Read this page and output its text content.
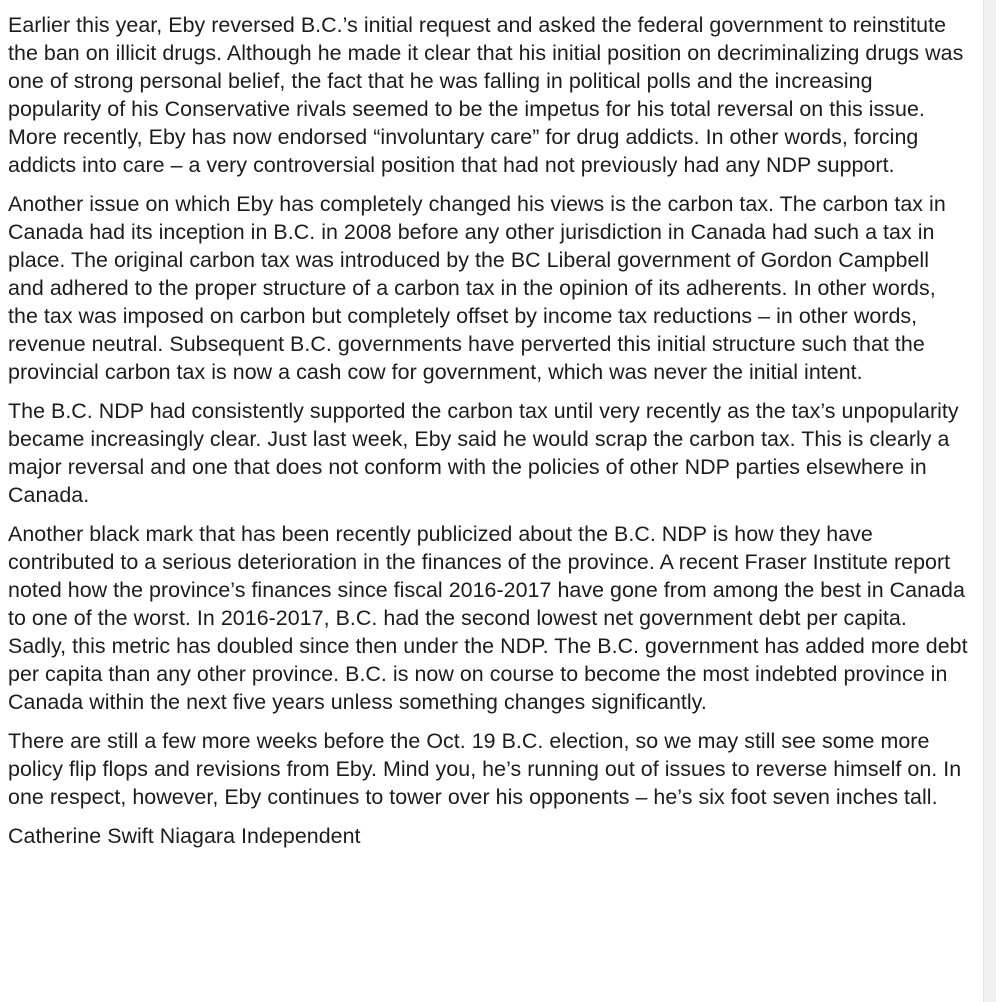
Earlier this year, Eby reversed B.C.’s initial request and asked the federal government to reinstitute the ban on illicit drugs. Although he made it clear that his initial position on decriminalizing drugs was one of strong personal belief, the fact that he was falling in political polls and the increasing popularity of his Conservative rivals seemed to be the impetus for his total reversal on this issue. More recently, Eby has now endorsed “involuntary care” for drug addicts. In other words, forcing addicts into care – a very controversial position that had not previously had any NDP support.

Another issue on which Eby has completely changed his views is the carbon tax. The carbon tax in Canada had its inception in B.C. in 2008 before any other jurisdiction in Canada had such a tax in place. The original carbon tax was introduced by the BC Liberal government of Gordon Campbell and adhered to the proper structure of a carbon tax in the opinion of its adherents. In other words, the tax was imposed on carbon but completely offset by income tax reductions – in other words, revenue neutral. Subsequent B.C. governments have perverted this initial structure such that the provincial carbon tax is now a cash cow for government, which was never the initial intent.

The B.C. NDP had consistently supported the carbon tax until very recently as the tax’s unpopularity became increasingly clear. Just last week, Eby said he would scrap the carbon tax. This is clearly a major reversal and one that does not conform with the policies of other NDP parties elsewhere in Canada.

Another black mark that has been recently publicized about the B.C. NDP is how they have contributed to a serious deterioration in the finances of the province. A recent Fraser Institute report noted how the province’s finances since fiscal 2016-2017 have gone from among the best in Canada to one of the worst. In 2016-2017, B.C. had the second lowest net government debt per capita. Sadly, this metric has doubled since then under the NDP. The B.C. government has added more debt per capita than any other province. B.C. is now on course to become the most indebted province in Canada within the next five years unless something changes significantly.

There are still a few more weeks before the Oct. 19 B.C. election, so we may still see some more policy flip flops and revisions from Eby. Mind you, he’s running out of issues to reverse himself on. In one respect, however, Eby continues to tower over his opponents – he’s six foot seven inches tall.

Catherine Swift Niagara Independent
